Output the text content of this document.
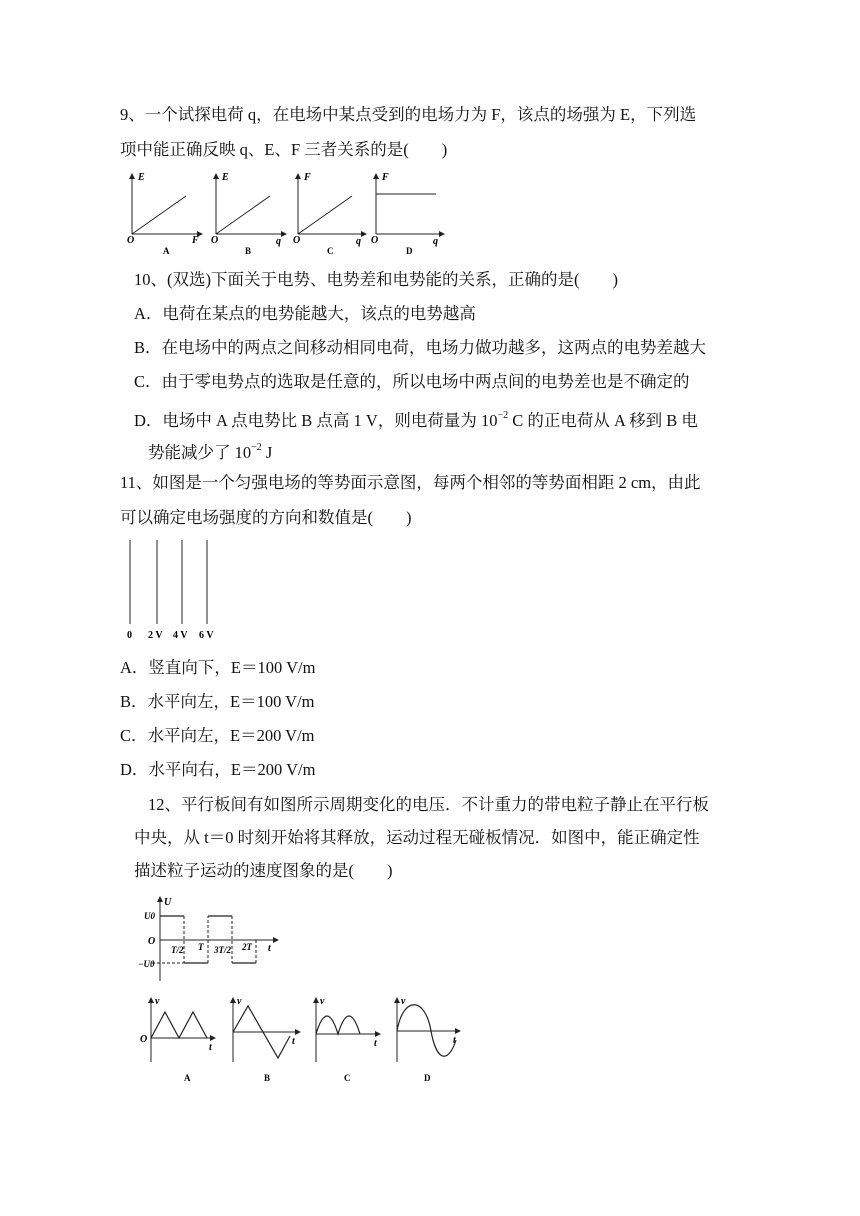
9、一个试探电荷 q，在电场中某点受到的电场力为 F，该点的场强为 E，下列选
项中能正确反映 q、E、F 三者关系的是(　　)
E
O	F
A
E
O	q
B
F
O	q
C
F
O	q
D
10、(双选)下面关于电势、电势差和电势能的关系，正确的是(　　)
A．电荷在某点的电势能越大，该点的电势越高
B．在电场中的两点之间移动相同电荷，电场力做功越多，这两点的电势差越大
C．由于零电势点的选取是任意的，所以电场中两点间的电势差也是不确定的
D．电场中 A 点电势比 B 点高 1 V，则电荷量为 $10^{-2}$ C 的正电荷从 A 移到 B 电
势能减少了 $10^{-2}$ J
11、如图是一个匀强电场的等势面示意图，每两个相邻的等势面相距 2 cm，由此
可以确定电场强度的方向和数值是(　　)
0 2 V 4 V 6 V
A．竖直向下，E＝100 V/m
B．水平向左，E＝100 V/m
C．水平向左，E＝200 V/m
D．水平向右，E＝200 V/m
12、平行板间有如图所示周期变化的电压．不计重力的带电粒子静止在平行板
中央，从 t＝0 时刻开始将其释放，运动过程无碰板情况．如图中，能正确定性
描述粒子运动的速度图象的是(　　)
U
t
O
U0
−U0
T/2 T 3T/2 2T
v
O
t
A
v
t
B
v
t
C
v
t
D
